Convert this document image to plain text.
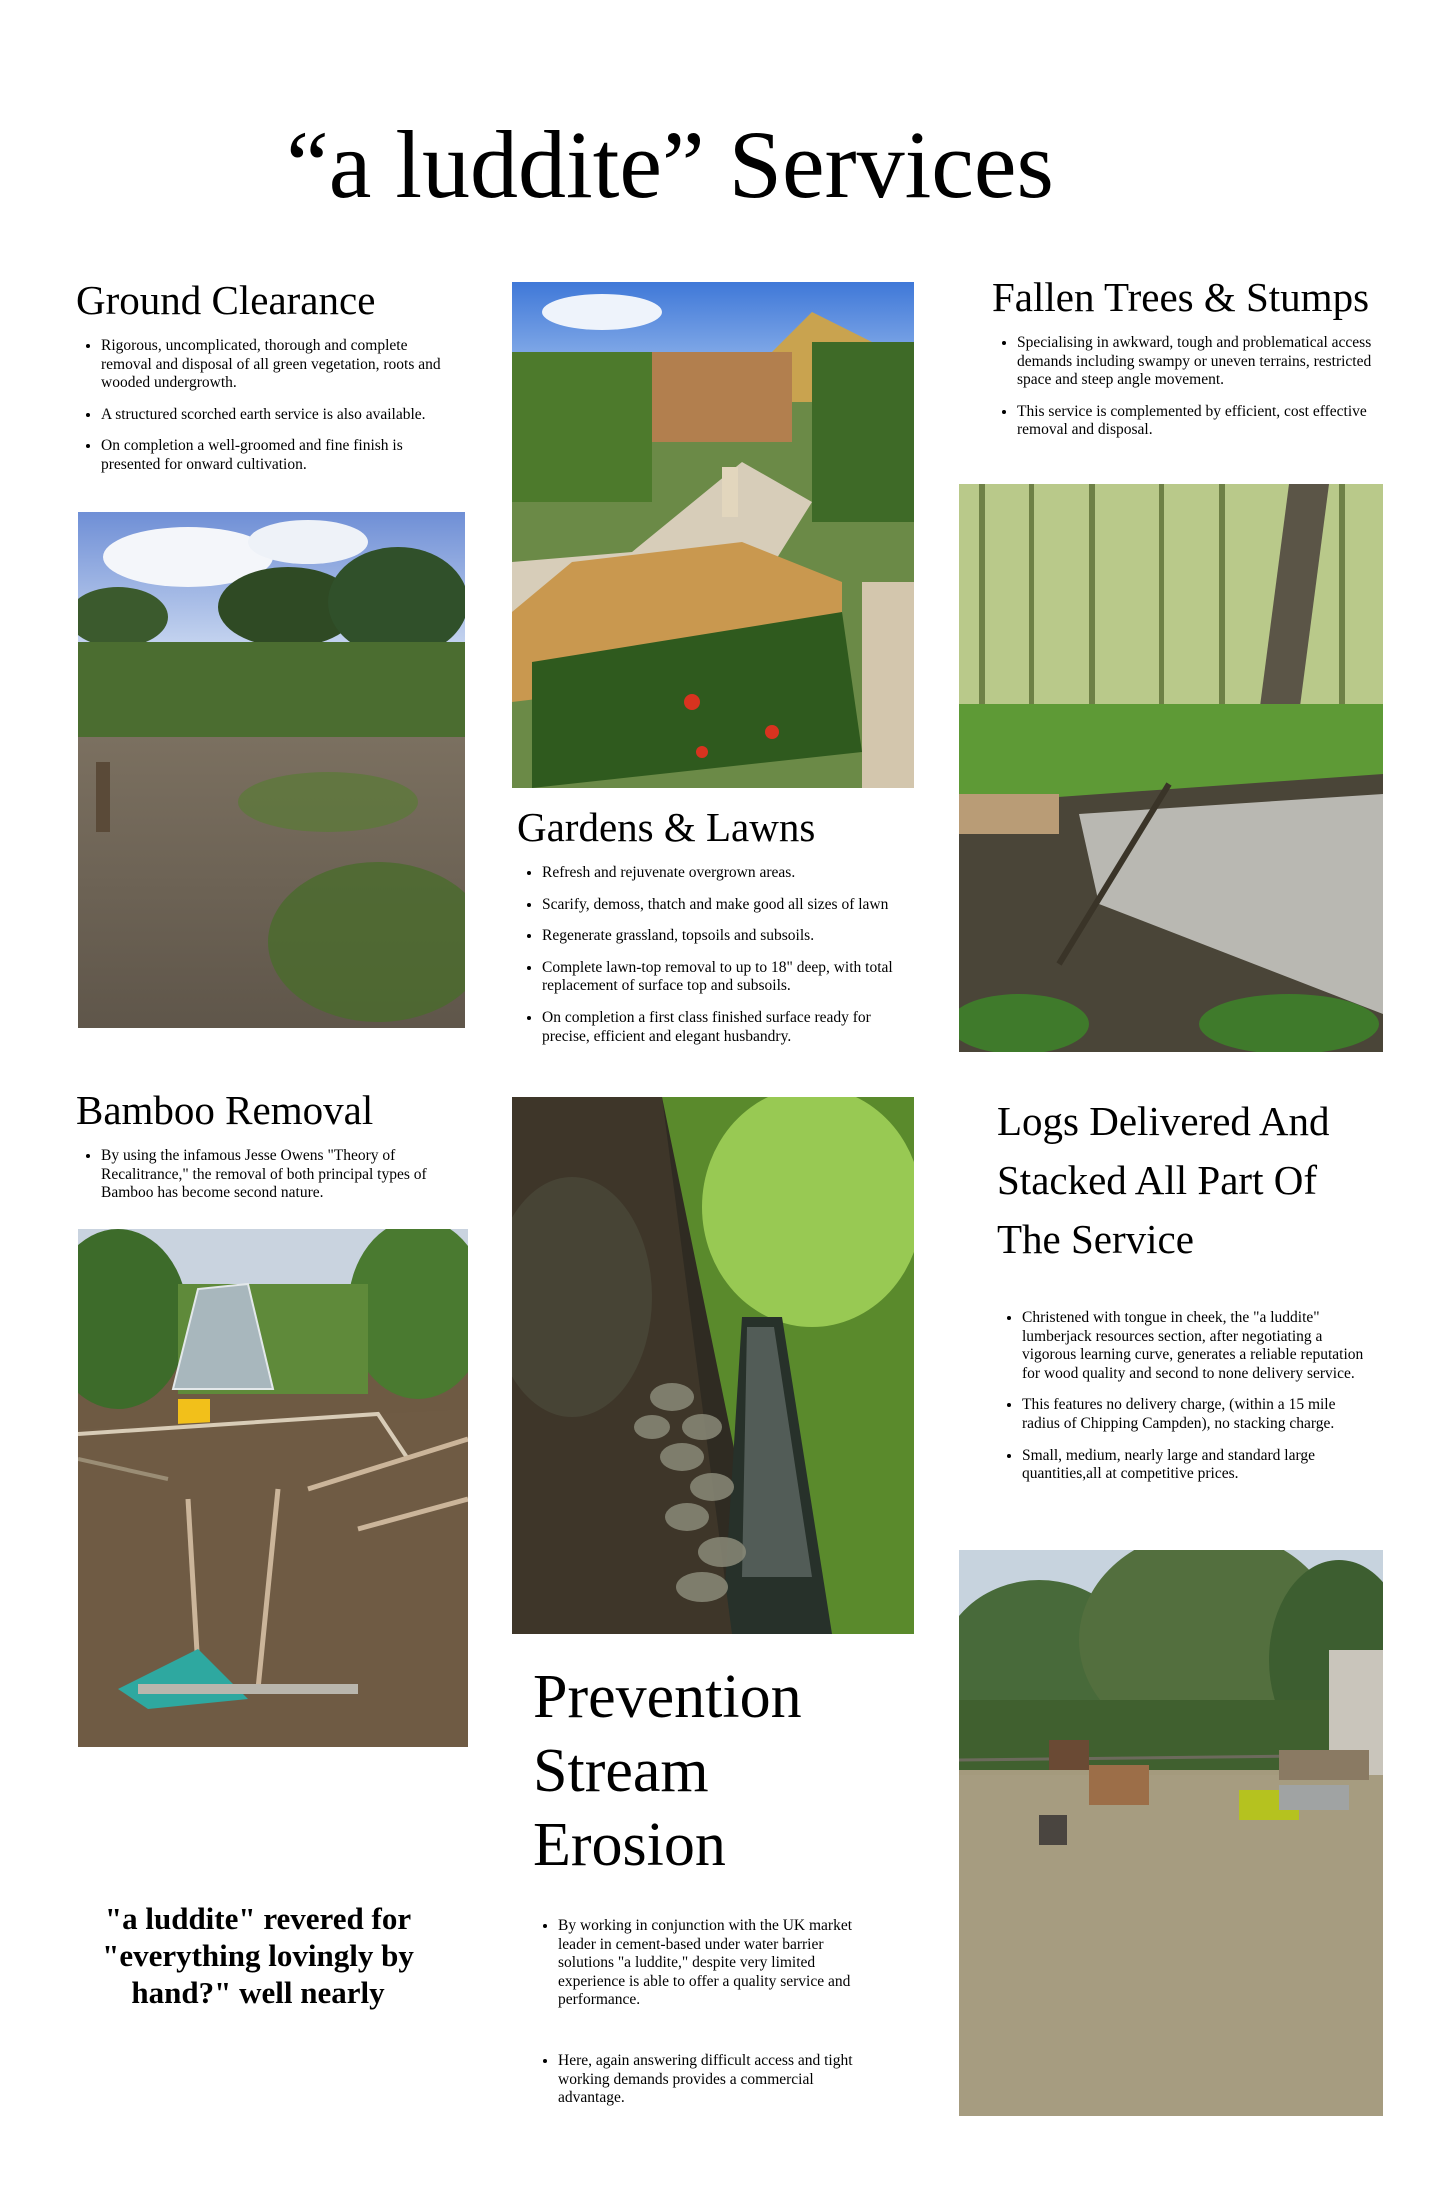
“a luddite” Services
Ground Clearance
• Rigorous, uncomplicated, thorough and complete removal and disposal of all green vegetation, roots and wooded undergrowth.
• A structured scorched earth service is also available.
• On completion a well-groomed and fine finish is presented for onward cultivation.
Gardens & Lawns
• Refresh and rejuvenate overgrown areas.
• Scarify, demoss, thatch and make good all sizes of lawn
• Regenerate grassland, topsoils and subsoils.
• Complete lawn-top removal to up to 18" deep, with total replacement of surface top and subsoils.
• On completion a first class finished surface ready for precise, efficient and elegant husbandry.
Fallen Trees & Stumps
• Specialising in awkward, tough and problematical access demands including swampy or uneven terrains, restricted space and steep angle movement.
• This service is complemented by efficient, cost effective removal and disposal.
Bamboo Removal
• By using the infamous Jesse Owens "Theory of Recalitrance," the removal of both principal types of Bamboo has become second nature.
"a luddite" revered for "everything lovingly by hand?" well nearly
Prevention Stream Erosion
• By working in conjunction with the UK market leader in cement-based under water barrier solutions "a luddite," despite very limited experience is able to offer a quality service and performance.
• Here, again answering difficult access and tight working demands provides a commercial advantage.
Logs Delivered And Stacked All Part Of The Service
• Christened with tongue in cheek, the "a luddite" lumberjack resources section, after negotiating a vigorous learning curve, generates a reliable reputation for wood quality and second to none delivery service.
• This features no delivery charge, (within a 15 mile radius of Chipping Campden), no stacking charge.
• Small, medium, nearly large and standard large quantities,all at competitive prices.
